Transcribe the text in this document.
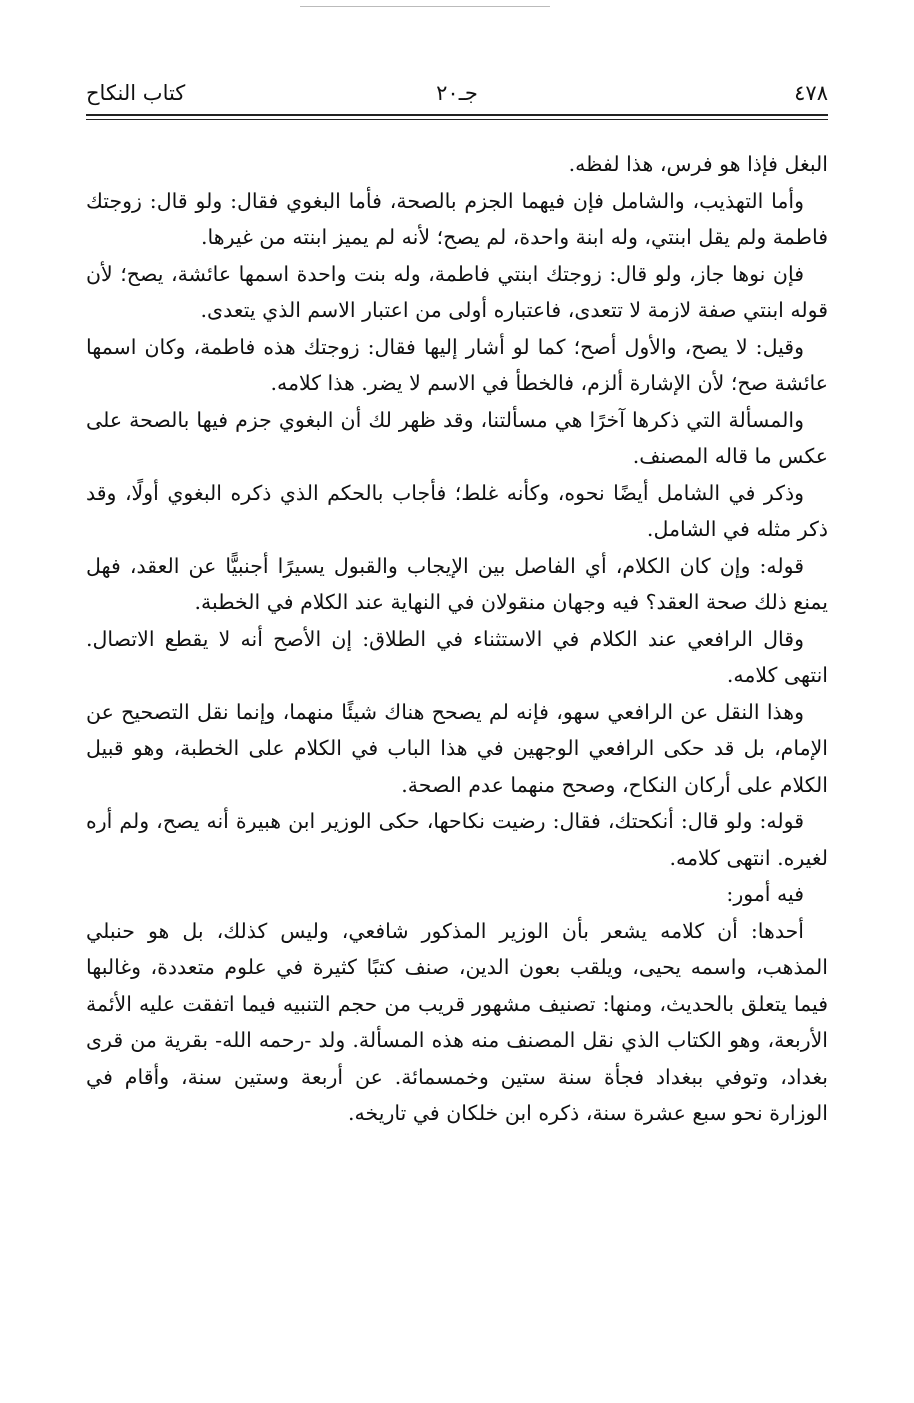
٤٧٨
جـ٢٠
كتاب النكاح

البغل فإذا هو فرس، هذا لفظه.

وأما التهذيب، والشامل فإن فيهما الجزم بالصحة، فأما البغوي فقال: ولو قال: زوجتك فاطمة ولم يقل ابنتي، وله ابنة واحدة، لم يصح؛ لأنه لم يميز ابنته من غيرها.

فإن نوها جاز، ولو قال: زوجتك ابنتي فاطمة، وله بنت واحدة اسمها عائشة، يصح؛ لأن قوله ابنتي صفة لازمة لا تتعدى، فاعتباره أولى من اعتبار الاسم الذي يتعدى.

وقيل: لا يصح، والأول أصح؛ كما لو أشار إليها فقال: زوجتك هذه فاطمة، وكان اسمها عائشة صح؛ لأن الإشارة ألزم، فالخطأ في الاسم لا يضر. هذا كلامه.

والمسألة التي ذكرها آخرًا هي مسألتنا، وقد ظهر لك أن البغوي جزم فيها بالصحة على عكس ما قاله المصنف.

وذكر في الشامل أيضًا نحوه، وكأنه غلط؛ فأجاب بالحكم الذي ذكره البغوي أولًا، وقد ذكر مثله في الشامل.

قوله: وإن كان الكلام، أي الفاصل بين الإيجاب والقبول يسيرًا أجنبيًّا عن العقد، فهل يمنع ذلك صحة العقد؟ فيه وجهان منقولان في النهاية عند الكلام في الخطبة.

وقال الرافعي عند الكلام في الاستثناء في الطلاق: إن الأصح أنه لا يقطع الاتصال. انتهى كلامه.

وهذا النقل عن الرافعي سهو، فإنه لم يصحح هناك شيئًا منهما، وإنما نقل التصحيح عن الإمام، بل قد حكى الرافعي الوجهين في هذا الباب في الكلام على الخطبة، وهو قبيل الكلام على أركان النكاح، وصحح منهما عدم الصحة.

قوله: ولو قال: أنكحتك، فقال: رضيت نكاحها، حكى الوزير ابن هبيرة أنه يصح، ولم أره لغيره. انتهى كلامه.

فيه أمور:

أحدها: أن كلامه يشعر بأن الوزير المذكور شافعي، وليس كذلك، بل هو حنبلي المذهب، واسمه يحيى، ويلقب بعون الدين، صنف كتبًا كثيرة في علوم متعددة، وغالبها فيما يتعلق بالحديث، ومنها: تصنيف مشهور قريب من حجم التنبيه فيما اتفقت عليه الأئمة الأربعة، وهو الكتاب الذي نقل المصنف منه هذه المسألة. ولد -رحمه الله- بقرية من قرى بغداد، وتوفي ببغداد فجأة سنة ستين وخمسمائة. عن أربعة وستين سنة، وأقام في الوزارة نحو سبع عشرة سنة، ذكره ابن خلكان في تاريخه.
